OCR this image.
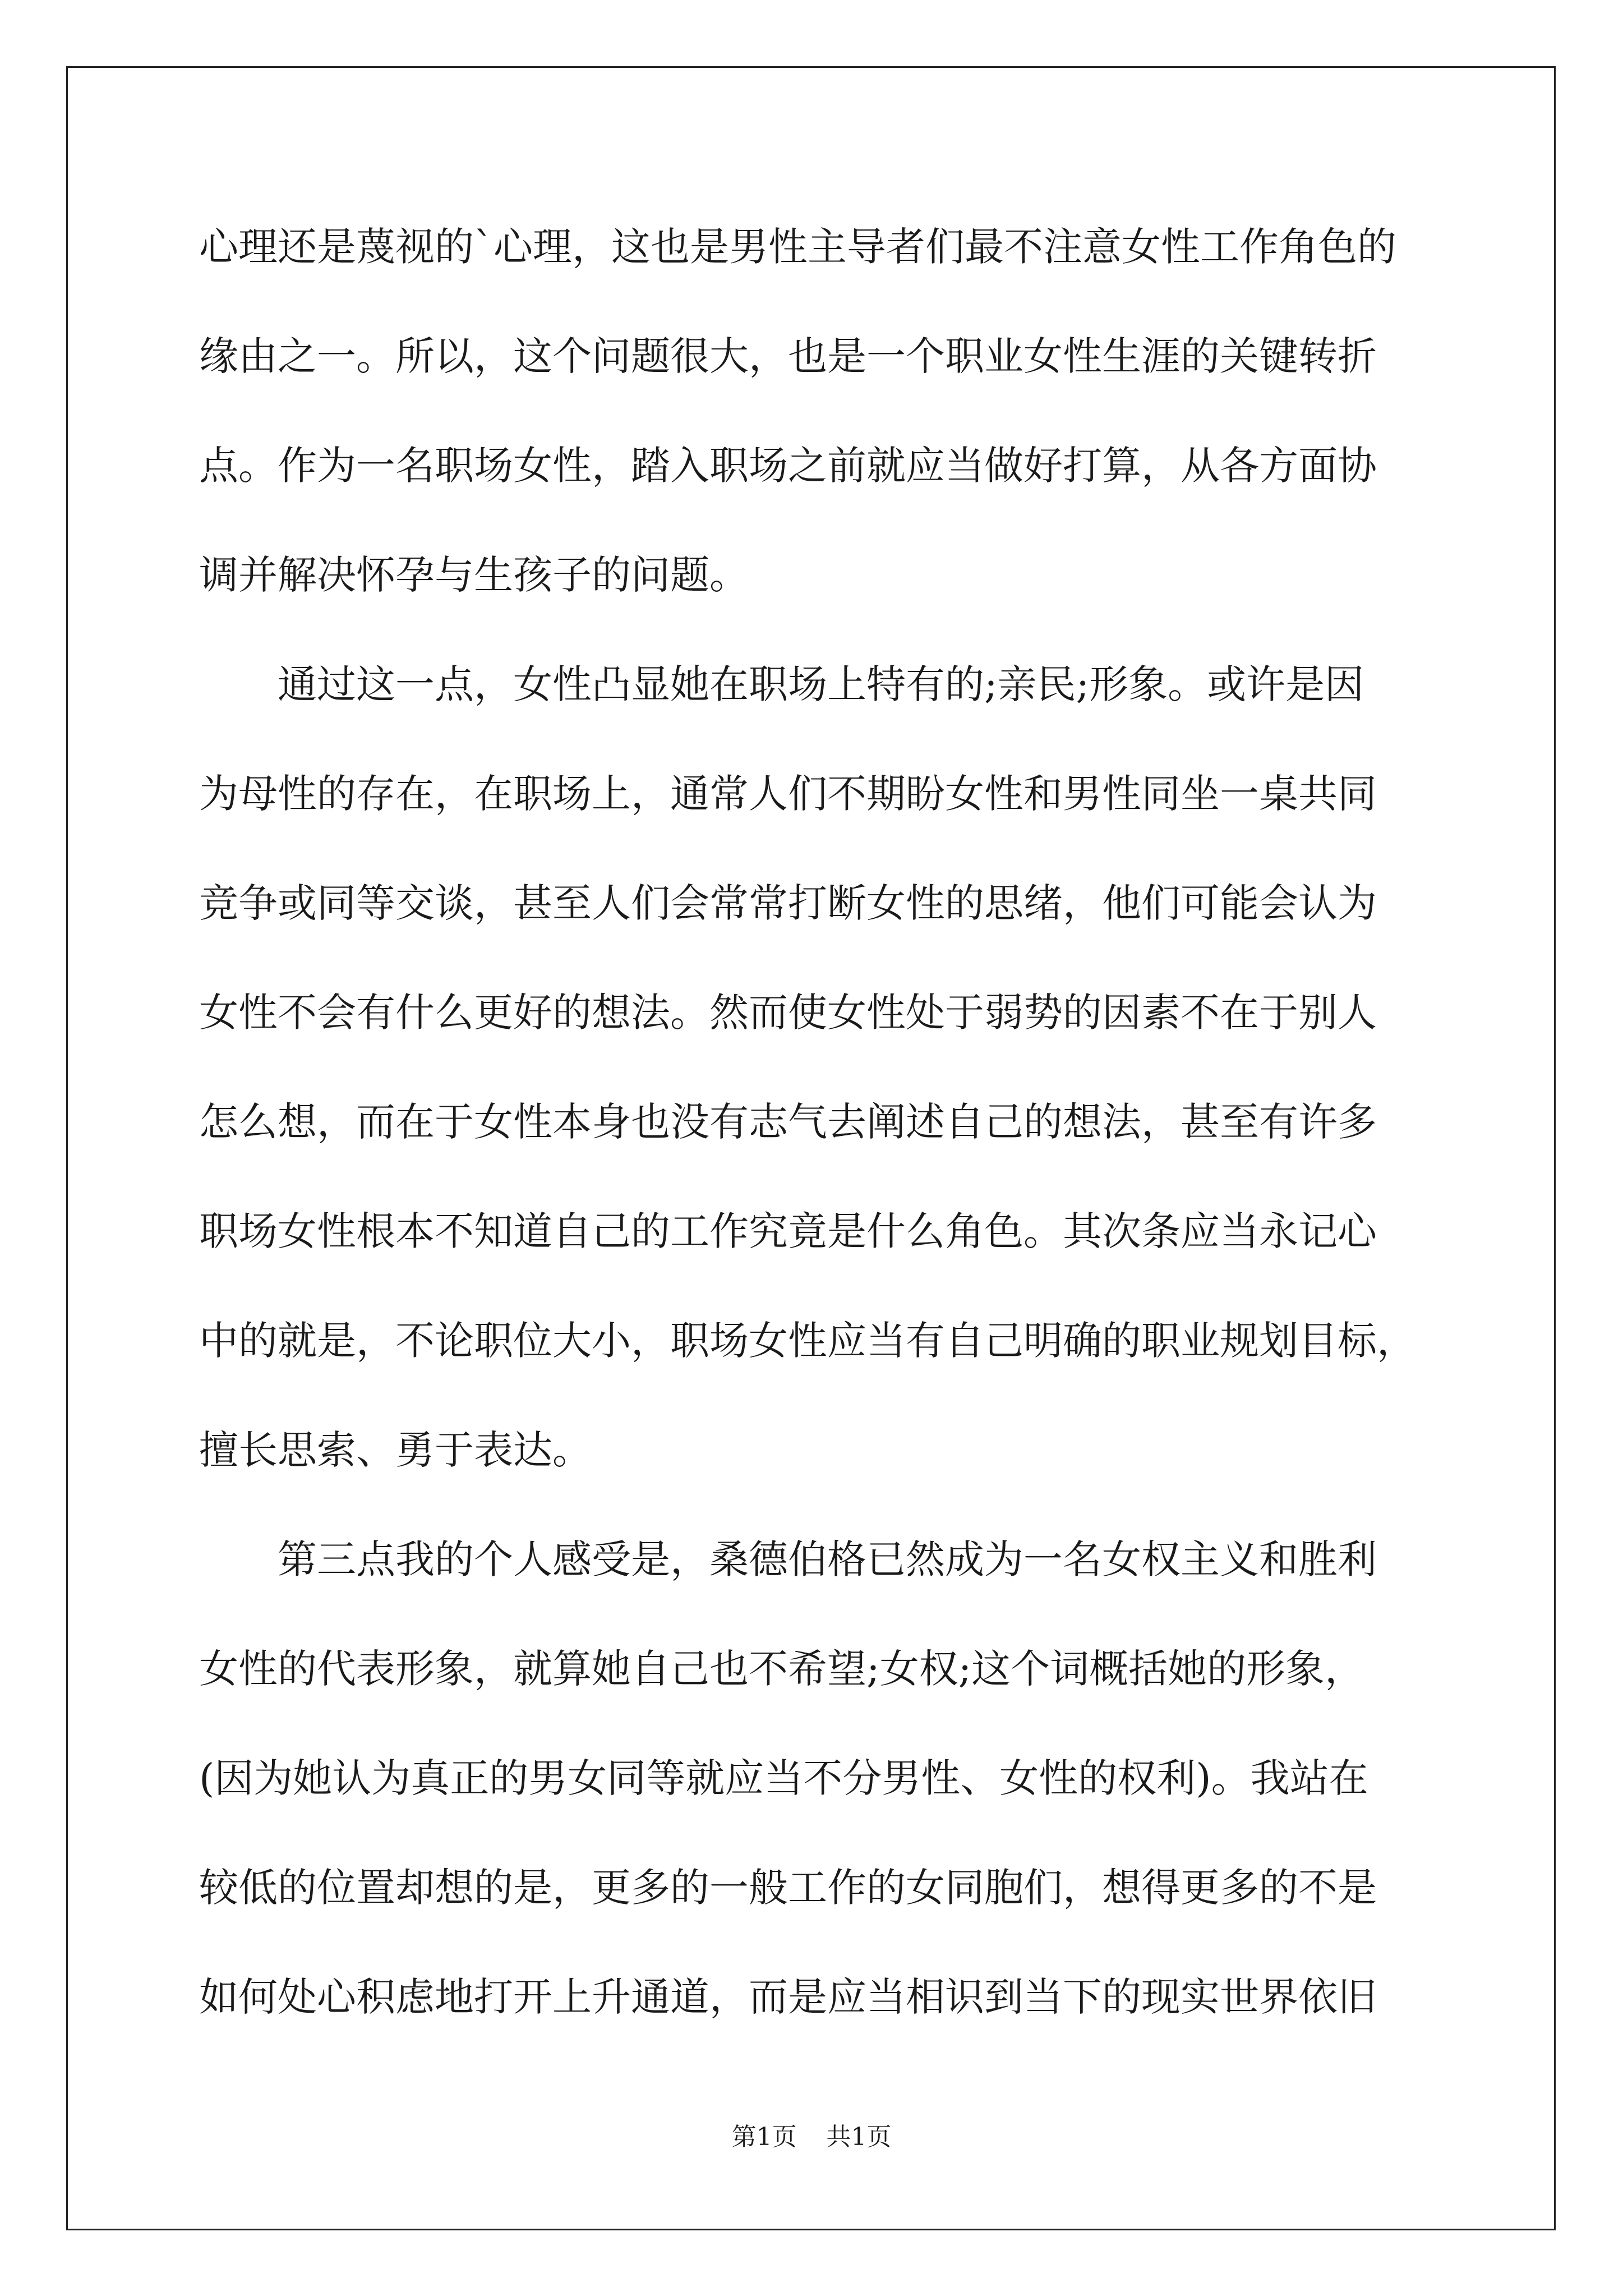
心理还是蔑视的`心理，这也是男性主导者们最不注意女性工作角色的
缘由之一。所以，这个问题很大，也是一个职业女性生涯的关键转折
点。作为一名职场女性，踏入职场之前就应当做好打算，从各方面协
调并解决怀孕与生孩子的问题。
　　通过这一点，女性凸显她在职场上特有的;亲民;形象。或许是因
为母性的存在，在职场上，通常人们不期盼女性和男性同坐一桌共同
竞争或同等交谈，甚至人们会常常打断女性的思绪，他们可能会认为
女性不会有什么更好的想法。然而使女性处于弱势的因素不在于别人
怎么想，而在于女性本身也没有志气去阐述自己的想法，甚至有许多
职场女性根本不知道自己的工作究竟是什么角色。其次条应当永记心
中的就是，不论职位大小，职场女性应当有自己明确的职业规划目标，
擅长思索、勇于表达。
　　第三点我的个人感受是，桑德伯格已然成为一名女权主义和胜利
女性的代表形象，就算她自己也不希望;女权;这个词概括她的形象，
(因为她认为真正的男女同等就应当不分男性、女性的权利)。我站在
较低的位置却想的是，更多的一般工作的女同胞们，想得更多的不是
如何处心积虑地打开上升通道，而是应当相识到当下的现实世界依旧
第1页 共1页
